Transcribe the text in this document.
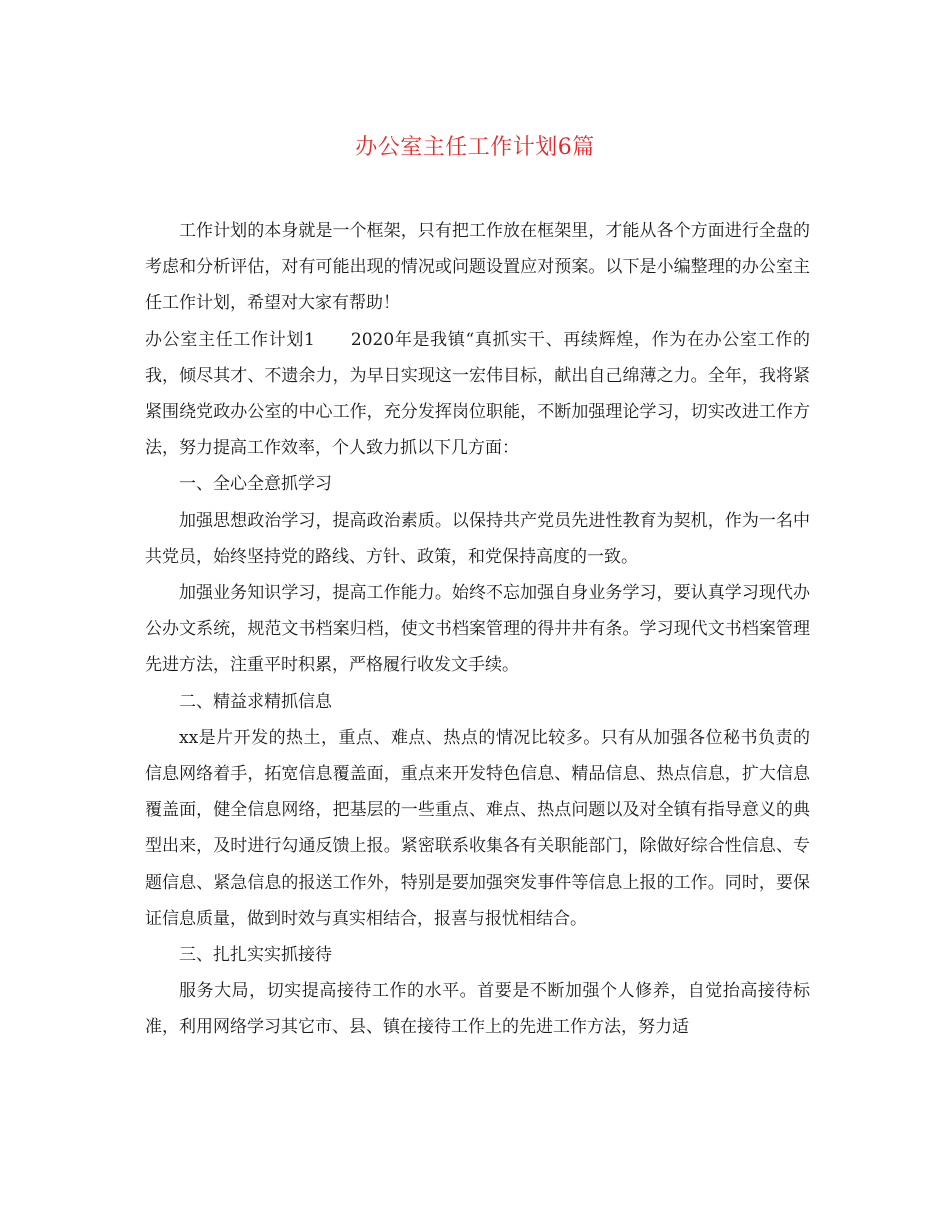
办公室主任工作计划6篇

工作计划的本身就是一个框架，只有把工作放在框架里，才能从各个方面进行全盘的考虑和分析评估，对有可能出现的情况或问题设置应对预案。以下是小编整理的办公室主任工作计划，希望对大家有帮助！

办公室主任工作计划1　　2020年是我镇“真抓实干、再续辉煌，作为在办公室工作的我，倾尽其才、不遗余力，为早日实现这一宏伟目标，献出自己绵薄之力。全年，我将紧紧围绕党政办公室的中心工作，充分发挥岗位职能，不断加强理论学习，切实改进工作方法，努力提高工作效率，个人致力抓以下几方面：

一、全心全意抓学习

加强思想政治学习，提高政治素质。以保持共产党员先进性教育为契机，作为一名中共党员，始终坚持党的路线、方针、政策，和党保持高度的一致。

加强业务知识学习，提高工作能力。始终不忘加强自身业务学习，要认真学习现代办公办文系统，规范文书档案归档，使文书档案管理的得井井有条。学习现代文书档案管理先进方法，注重平时积累，严格履行收发文手续。

二、精益求精抓信息

xx是片开发的热土，重点、难点、热点的情况比较多。只有从加强各位秘书负责的信息网络着手，拓宽信息覆盖面，重点来开发特色信息、精品信息、热点信息，扩大信息覆盖面，健全信息网络，把基层的一些重点、难点、热点问题以及对全镇有指导意义的典型出来，及时进行勾通反馈上报。紧密联系收集各有关职能部门，除做好综合性信息、专题信息、紧急信息的报送工作外，特别是要加强突发事件等信息上报的工作。同时，要保证信息质量，做到时效与真实相结合，报喜与报忧相结合。

三、扎扎实实抓接待

服务大局，切实提高接待工作的水平。首要是不断加强个人修养，自觉抬高接待标准，利用网络学习其它市、县、镇在接待工作上的先进工作方法，努力适
